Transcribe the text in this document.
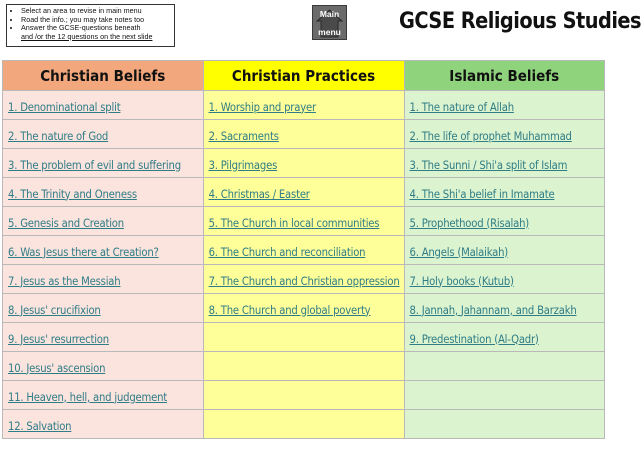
• Select an area to revise in main menu
• Road the info.; you may take notes too
• Answer the GCSE-questions beneath
and /or the 12 questions on the next slide
Main
menu	GCSE Religious Studies
Christian Beliefs	Christian Practices	Islamic Beliefs
1. Denominational split	1. Worship and prayer	1. The nature of Allah
2. The nature of God	2. Sacraments	2. The life of prophet Muhammad
3. The problem of evil and suffering	3. Pilgrimages	3. The Sunni / Shi'a split of Islam
4. The Trinity and Oneness	4. Christmas / Easter	4. The Shi'a belief in Imamate
5. Genesis and Creation	5. The Church in local communities	5. Prophethood (Risalah)
6. Was Jesus there at Creation?	6. The Church and reconciliation	6. Angels (Malaikah)
7. Jesus as the Messiah	7. The Church and Christian oppression	7. Holy books (Kutub)
8. Jesus' crucifixion	8. The Church and global poverty	8. Jannah, Jahannam, and Barzakh
9. Jesus' resurrection		9. Predestination (Al-Qadr)
10. Jesus' ascension		
11. Heaven, hell, and judgement		
12. Salvation		
